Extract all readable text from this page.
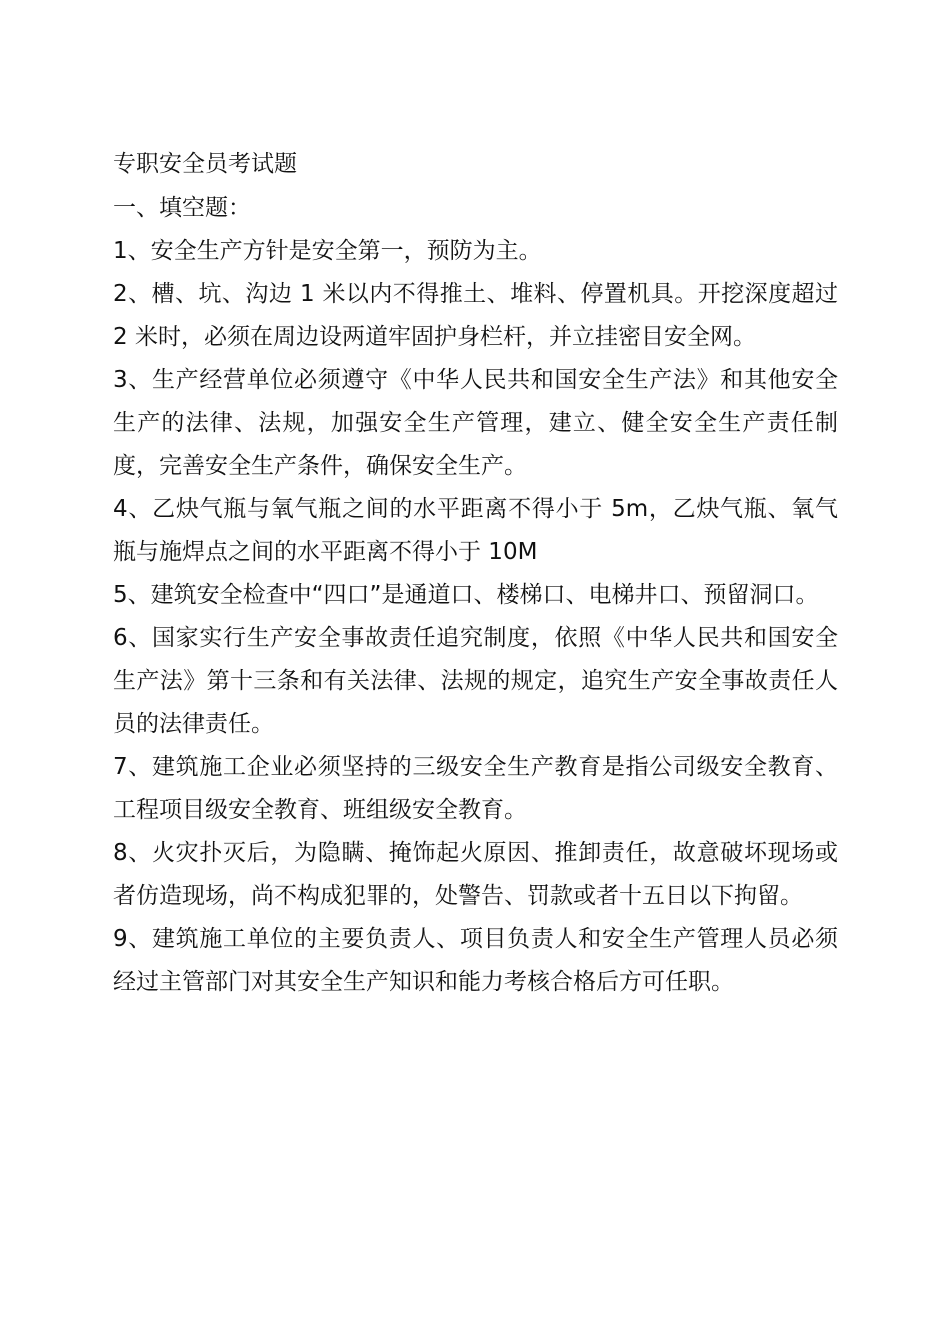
专职安全员考试题

一、填空题：

1、安全生产方针是安全第一，预防为主。
2、槽、坑、沟边 1 米以内不得推土、堆料、停置机具。开挖深度超过 2 米时，必须在周边设两道牢固护身栏杆，并立挂密目安全网。
3、生产经营单位必须遵守《中华人民共和国安全生产法》和其他安全生产的法律、法规，加强安全生产管理，建立、健全安全生产责任制度，完善安全生产条件，确保安全生产。
4、乙炔气瓶与氧气瓶之间的水平距离不得小于 5m，乙炔气瓶、氧气瓶与施焊点之间的水平距离不得小于 10M
5、建筑安全检查中“四口”是通道口、楼梯口、电梯井口、预留洞口。
6、国家实行生产安全事故责任追究制度，依照《中华人民共和国安全生产法》第十三条和有关法律、法规的规定，追究生产安全事故责任人员的法律责任。
7、建筑施工企业必须坚持的三级安全生产教育是指公司级安全教育、工程项目级安全教育、班组级安全教育。
8、火灾扑灭后，为隐瞒、掩饰起火原因、推卸责任，故意破坏现场或者仿造现场，尚不构成犯罪的，处警告、罚款或者十五日以下拘留。
9、建筑施工单位的主要负责人、项目负责人和安全生产管理人员必须经过主管部门对其安全生产知识和能力考核合格后方可任职。
